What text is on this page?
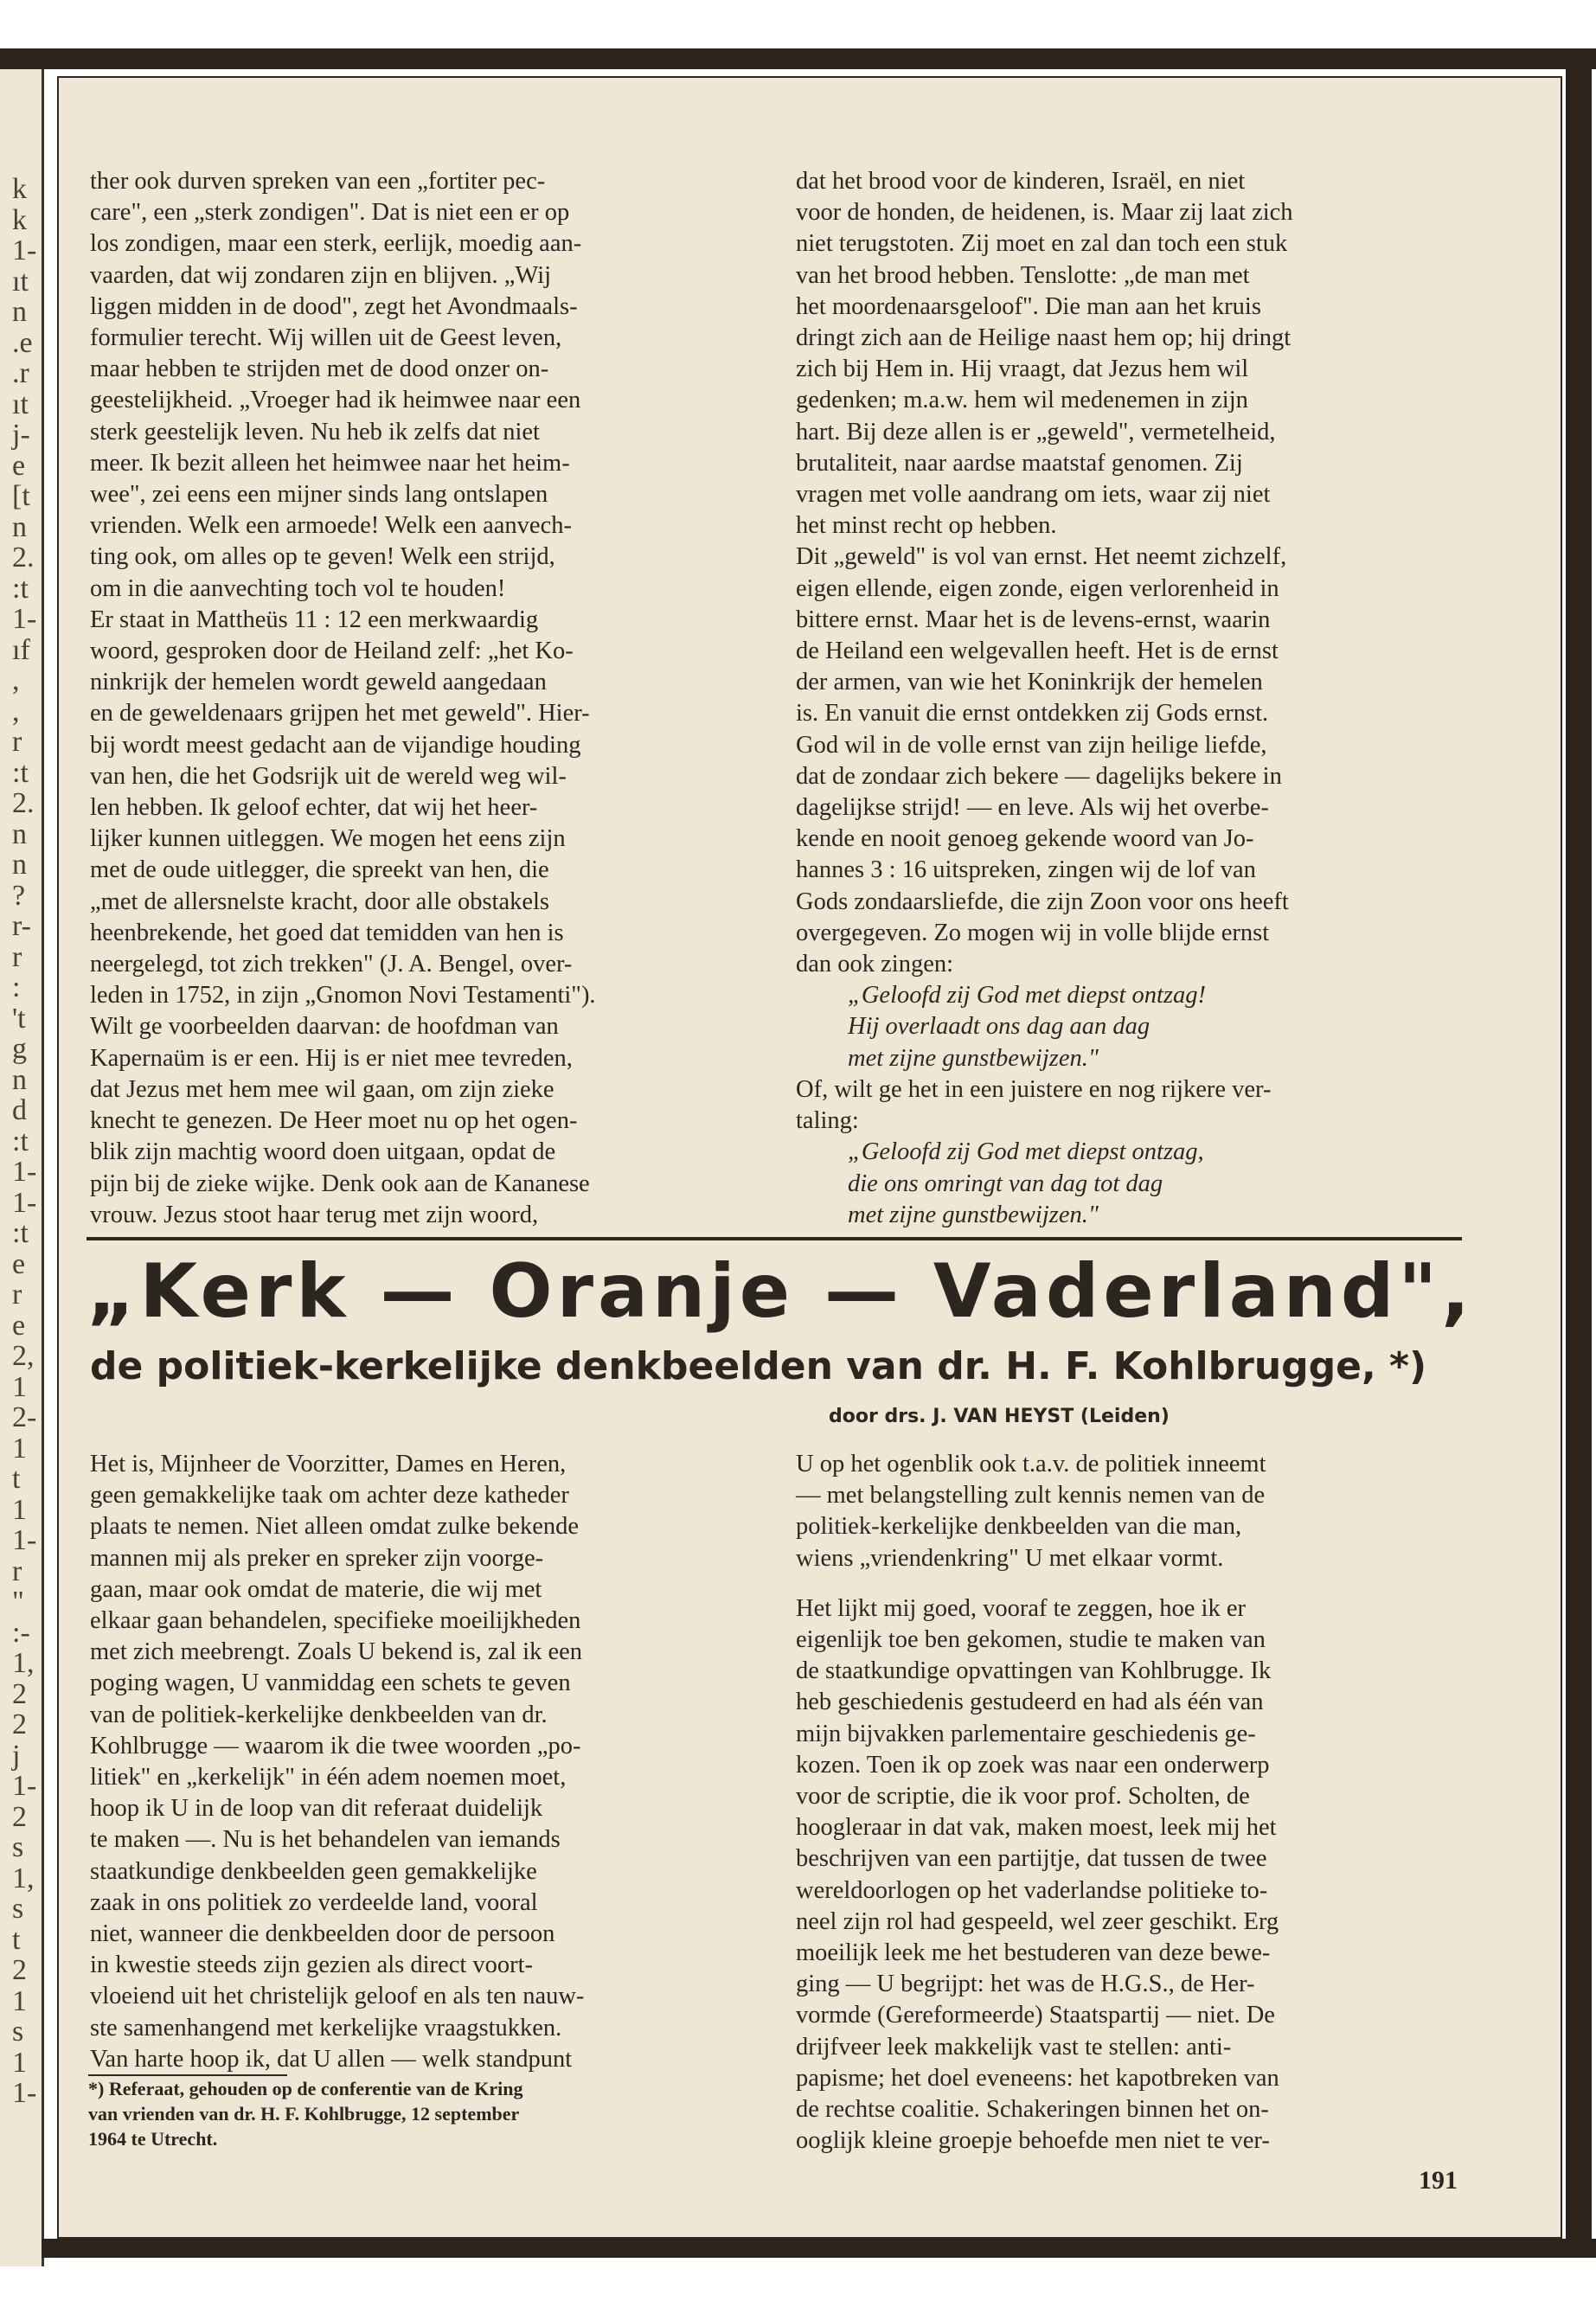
k
k
1-
ıt
n
.e
.r
ıt
j-
e
[t
n
2.
:t
1-
ıf
,
,
r
:t
2.
n
n
?
r-
r
:
't
g
n
d
:t
1-
1-
:t
e
r
e
2,
1
2-
1
t
1
1-
r
"
:-
1,
2
2
j
1-
2
s
1,
s
t
2
1
s
1
1-
ther ook durven spreken van een „fortiter pec-
care", een „sterk zondigen". Dat is niet een er op
los zondigen, maar een sterk, eerlijk, moedig aan-
vaarden, dat wij zondaren zijn en blijven. „Wij
liggen midden in de dood", zegt het Avondmaals-
formulier terecht. Wij willen uit de Geest leven,
maar hebben te strijden met de dood onzer on-
geestelijkheid. „Vroeger had ik heimwee naar een
sterk geestelijk leven. Nu heb ik zelfs dat niet
meer. Ik bezit alleen het heimwee naar het heim-
wee", zei eens een mijner sinds lang ontslapen
vrienden. Welk een armoede! Welk een aanvech-
ting ook, om alles op te geven! Welk een strijd,
om in die aanvechting toch vol te houden!
Er staat in Mattheüs 11 : 12 een merkwaardig
woord, gesproken door de Heiland zelf: „het Ko-
ninkrijk der hemelen wordt geweld aangedaan
en de geweldenaars grijpen het met geweld". Hier-
bij wordt meest gedacht aan de vijandige houding
van hen, die het Godsrijk uit de wereld weg wil-
len hebben. Ik geloof echter, dat wij het heer-
lijker kunnen uitleggen. We mogen het eens zijn
met de oude uitlegger, die spreekt van hen, die
„met de allersnelste kracht, door alle obstakels
heenbrekende, het goed dat temidden van hen is
neergelegd, tot zich trekken" (J. A. Bengel, over-
leden in 1752, in zijn „Gnomon Novi Testamenti").
Wilt ge voorbeelden daarvan: de hoofdman van
Kapernaüm is er een. Hij is er niet mee tevreden,
dat Jezus met hem mee wil gaan, om zijn zieke
knecht te genezen. De Heer moet nu op het ogen-
blik zijn machtig woord doen uitgaan, opdat de
pijn bij de zieke wijke. Denk ook aan de Kananese
vrouw. Jezus stoot haar terug met zijn woord,
dat het brood voor de kinderen, Israël, en niet
voor de honden, de heidenen, is. Maar zij laat zich
niet terugstoten. Zij moet en zal dan toch een stuk
van het brood hebben. Tenslotte: „de man met
het moordenaarsgeloof". Die man aan het kruis
dringt zich aan de Heilige naast hem op; hij dringt
zich bij Hem in. Hij vraagt, dat Jezus hem wil
gedenken; m.a.w. hem wil medenemen in zijn
hart. Bij deze allen is er „geweld", vermetelheid,
brutaliteit, naar aardse maatstaf genomen. Zij
vragen met volle aandrang om iets, waar zij niet
het minst recht op hebben.
Dit „geweld" is vol van ernst. Het neemt zichzelf,
eigen ellende, eigen zonde, eigen verlorenheid in
bittere ernst. Maar het is de levens-ernst, waarin
de Heiland een welgevallen heeft. Het is de ernst
der armen, van wie het Koninkrijk der hemelen
is. En vanuit die ernst ontdekken zij Gods ernst.
God wil in de volle ernst van zijn heilige liefde,
dat de zondaar zich bekere — dagelijks bekere in
dagelijkse strijd! — en leve. Als wij het overbe-
kende en nooit genoeg gekende woord van Jo-
hannes 3 : 16 uitspreken, zingen wij de lof van
Gods zondaarsliefde, die zijn Zoon voor ons heeft
overgegeven. Zo mogen wij in volle blijde ernst
dan ook zingen:
„Geloofd zij God met diepst ontzag!
Hij overlaadt ons dag aan dag
met zijne gunstbewijzen."
Of, wilt ge het in een juistere en nog rijkere ver-
taling:
„Geloofd zij God met diepst ontzag,
die ons omringt van dag tot dag
met zijne gunstbewijzen."
„Kerk — Oranje — Vaderland",
de politiek-kerkelijke denkbeelden van dr. H. F. Kohlbrugge, *)
door drs. J. VAN HEYST (Leiden)
Het is, Mijnheer de Voorzitter, Dames en Heren,
geen gemakkelijke taak om achter deze katheder
plaats te nemen. Niet alleen omdat zulke bekende
mannen mij als preker en spreker zijn voorge-
gaan, maar ook omdat de materie, die wij met
elkaar gaan behandelen, specifieke moeilijkheden
met zich meebrengt. Zoals U bekend is, zal ik een
poging wagen, U vanmiddag een schets te geven
van de politiek-kerkelijke denkbeelden van dr.
Kohlbrugge — waarom ik die twee woorden „po-
litiek" en „kerkelijk" in één adem noemen moet,
hoop ik U in de loop van dit referaat duidelijk
te maken —. Nu is het behandelen van iemands
staatkundige denkbeelden geen gemakkelijke
zaak in ons politiek zo verdeelde land, vooral
niet, wanneer die denkbeelden door de persoon
in kwestie steeds zijn gezien als direct voort-
vloeiend uit het christelijk geloof en als ten nauw-
ste samenhangend met kerkelijke vraagstukken.
Van harte hoop ik, dat U allen — welk standpunt
*) Referaat, gehouden op de conferentie van de Kring
van vrienden van dr. H. F. Kohlbrugge, 12 september
1964 te Utrecht.
U op het ogenblik ook t.a.v. de politiek inneemt
— met belangstelling zult kennis nemen van de
politiek-kerkelijke denkbeelden van die man,
wiens „vriendenkring" U met elkaar vormt.
Het lijkt mij goed, vooraf te zeggen, hoe ik er
eigenlijk toe ben gekomen, studie te maken van
de staatkundige opvattingen van Kohlbrugge. Ik
heb geschiedenis gestudeerd en had als één van
mijn bijvakken parlementaire geschiedenis ge-
kozen. Toen ik op zoek was naar een onderwerp
voor de scriptie, die ik voor prof. Scholten, de
hoogleraar in dat vak, maken moest, leek mij het
beschrijven van een partijtje, dat tussen de twee
wereldoorlogen op het vaderlandse politieke to-
neel zijn rol had gespeeld, wel zeer geschikt. Erg
moeilijk leek me het bestuderen van deze bewe-
ging — U begrijpt: het was de H.G.S., de Her-
vormde (Gereformeerde) Staatspartij — niet. De
drijfveer leek makkelijk vast te stellen: anti-
papisme; het doel eveneens: het kapotbreken van
de rechtse coalitie. Schakeringen binnen het on-
ooglijk kleine groepje behoefde men niet te ver-
191
